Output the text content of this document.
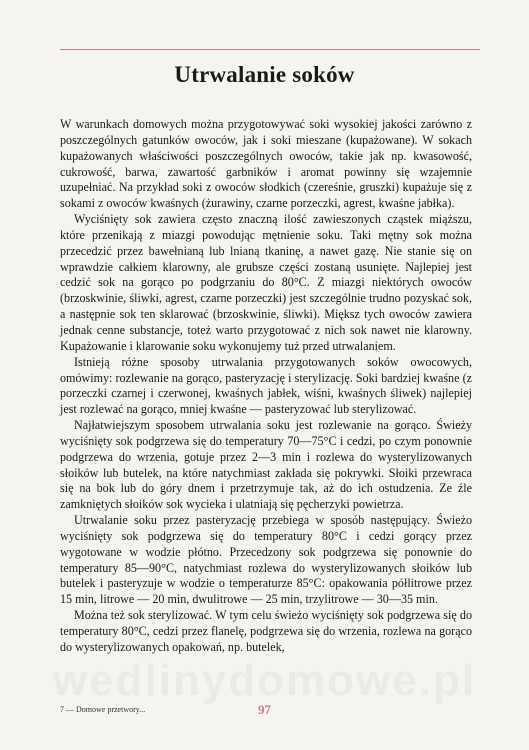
Utrwalanie soków

W warunkach domowych można przygotowywać soki wysokiej jakości zarówno z poszczególnych gatunków owoców, jak i soki mieszane (kupażowane). W sokach kupażowanych właściwości poszczególnych owoców, takie jak np. kwasowość, cukrowość, barwa, zawartość garbników i aromat powinny się wzajemnie uzupełniać. Na przykład soki z owoców słodkich (czereśnie, gruszki) kupażuje się z sokami z owoców kwaśnych (żurawiny, czarne porzeczki, agrest, kwaśne jabłka).

Wyciśnięty sok zawiera często znaczną ilość zawieszonych cząstek miąższu, które przenikają z miazgi powodując mętnienie soku. Taki mętny sok można przecedzić przez bawełnianą lub lnianą tkaninę, a nawet gazę. Nie stanie się on wprawdzie całkiem klarowny, ale grubsze części zostaną usunięte. Najlepiej jest cedzić sok na gorąco po podgrzaniu do 80°C. Z miazgi niektórych owoców (brzoskwinie, śliwki, agrest, czarne porzeczki) jest szczególnie trudno pozyskać sok, a następnie sok ten sklarować (brzoskwinie, śliwki). Miększ tych owoców zawiera jednak cenne substancje, toteż warto przygotować z nich sok nawet nie klarowny. Kupażowanie i klarowanie soku wykonujemy tuż przed utrwalaniem.

Istnieją różne sposoby utrwalania przygotowanych soków owocowych, omówimy: rozlewanie na gorąco, pasteryzację i sterylizację. Soki bardziej kwaśne (z porzeczki czarnej i czerwonej, kwaśnych jabłek, wiśni, kwaśnych śliwek) najlepiej jest rozlewać na gorąco, mniej kwaśne — pasteryzować lub sterylizować.

Najłatwiejszym sposobem utrwalania soku jest rozlewanie na gorąco. Świeży wyciśnięty sok podgrzewa się do temperatury 70—75°C i cedzi, po czym ponownie podgrzewa do wrzenia, gotuje przez 2—3 min i rozlewa do wysterylizowanych słoików lub butelek, na które natychmiast zakłada się pokrywki. Słoiki przewraca się na bok lub do góry dnem i przetrzymuje tak, aż do ich ostudzenia. Ze źle zamkniętych słoików sok wycieka i ulatniają się pęcherzyki powietrza.

Utrwalanie soku przez pasteryzację przebiega w sposób następujący. Świeżo wyciśnięty sok podgrzewa się do temperatury 80°C i cedzi gorący przez wygotowane w wodzie płótno. Przecedzony sok podgrzewa się ponownie do temperatury 85—90°C, natychmiast rozlewa do wysterylizowanych słoików lub butelek i pasteryzuje w wodzie o temperaturze 85°C: opakowania półlitrowe przez 15 min, litrowe — 20 min, dwulitrowe — 25 min, trzylitrowe — 30—35 min.

Można też sok sterylizować. W tym celu świeżo wyciśnięty sok podgrzewa się do temperatury 80°C, cedzi przez flanelę, podgrzewa się do wrzenia, rozlewa na gorąco do wysterylizowanych opakowań, np. butelek,

wedlinydomowe.pl
7 — Domowe przetwory...	97
